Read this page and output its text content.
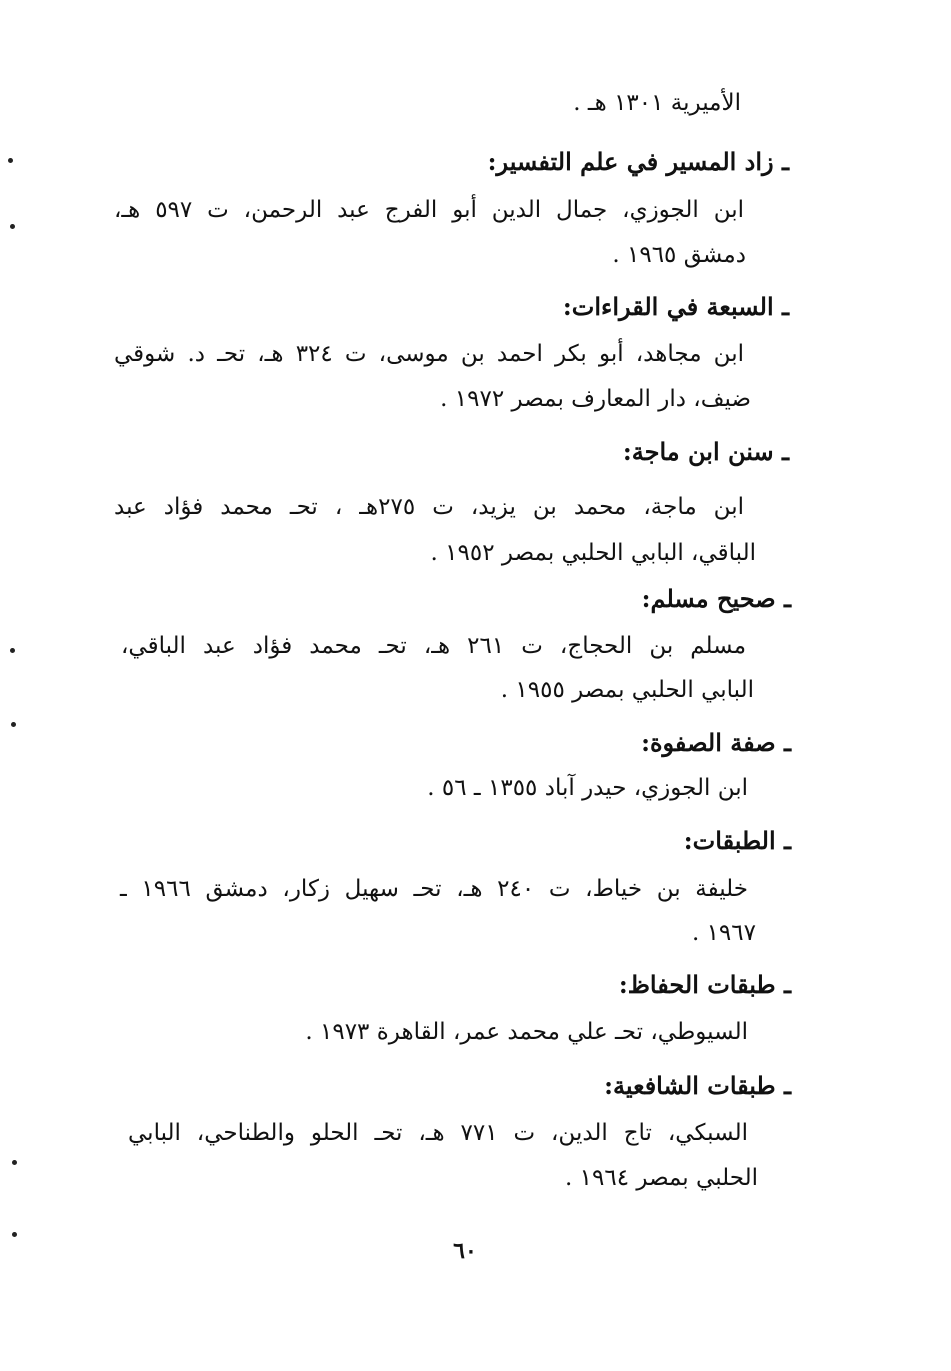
الأميرية ١٣٠١ هـ .
ـ زاد المسير في علم التفسير:
ابن الجوزي، جمال الدين أبو الفرج عبد الرحمن، ت ٥٩٧ هـ،
دمشق ١٩٦٥ .
ـ السبعة في القراءات:
ابن مجاهد، أبو بكر احمد بن موسى، ت ٣٢٤ هـ، تحـ د. شوقي
ضيف، دار المعارف بمصر ١٩٧٢ .
ـ سنن ابن ماجة:
ابن ماجة، محمد بن يزيد، ت ٢٧٥هـ ، تحـ محمد فؤاد عبد
الباقي، البابي الحلبي بمصر ١٩٥٢ .
ـ صحيح مسلم:
مسلم بن الحجاج، ت ٢٦١ هـ، تحـ محمد فؤاد عبد الباقي،
البابي الحلبي بمصر ١٩٥٥ .
ـ صفة الصفوة:
ابن الجوزي، حيدر آباد ١٣٥٥ ـ ٥٦ .
ـ الطبقات:
خليفة بن خياط، ت ٢٤٠ هـ، تحـ سهيل زكار، دمشق ١٩٦٦ ـ
١٩٦٧ .
ـ طبقات الحفاظ:
السيوطي، تحـ علي محمد عمر، القاهرة ١٩٧٣ .
ـ طبقات الشافعية:
السبكي، تاج الدين، ت ٧٧١ هـ، تحـ الحلو والطناحي، البابي
الحلبي بمصر ١٩٦٤ .
٦٠
